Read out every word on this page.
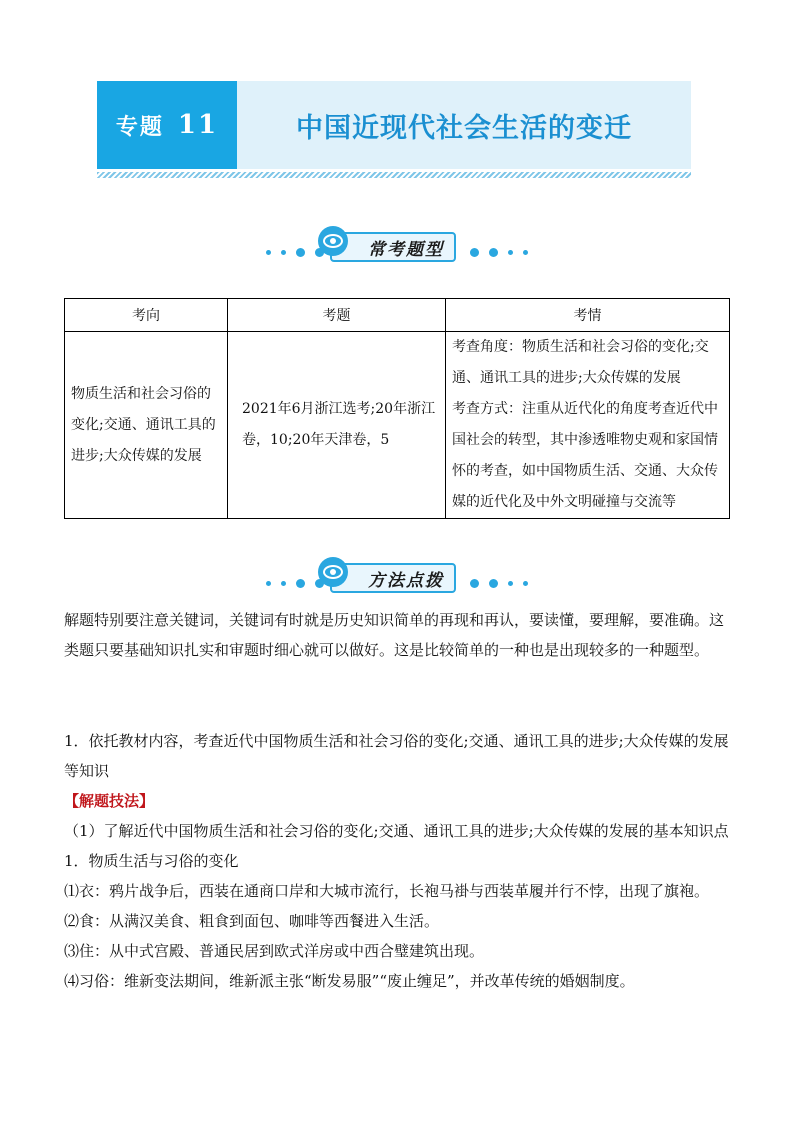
专题 11	中国近现代社会生活的变迁
常考题型
考向	考题	考情
物质生活和社会习俗的变化;交通、通讯工具的进步;大众传媒的发展	2021年6月浙江选考;20年浙江卷，10;20年天津卷，5	考查角度：物质生活和社会习俗的变化;交通、通讯工具的进步;大众传媒的发展
考查方式：注重从近代化的角度考查近代中国社会的转型，其中渗透唯物史观和家国情怀的考查，如中国物质生活、交通、大众传媒的近代化及中外文明碰撞与交流等
方法点拨

解题特别要注意关键词，关键词有时就是历史知识简单的再现和再认，要读懂，要理解，要准确。这类题只要基础知识扎实和审题时细心就可以做好。这是比较简单的一种也是出现较多的一种题型。

1．依托教材内容，考查近代中国物质生活和社会习俗的变化;交通、通讯工具的进步;大众传媒的发展等知识

【解题技法】

（1）了解近代中国物质生活和社会习俗的变化;交通、通讯工具的进步;大众传媒的发展的基本知识点

1．物质生活与习俗的变化

⑴衣：鸦片战争后，西装在通商口岸和大城市流行，长袍马褂与西装革履并行不悖，出现了旗袍。

⑵食：从满汉美食、粗食到面包、咖啡等西餐进入生活。

⑶住：从中式宫殿、普通民居到欧式洋房或中西合璧建筑出现。

⑷习俗：维新变法期间，维新派主张“断发易服”“废止缠足”，并改革传统的婚姻制度。
